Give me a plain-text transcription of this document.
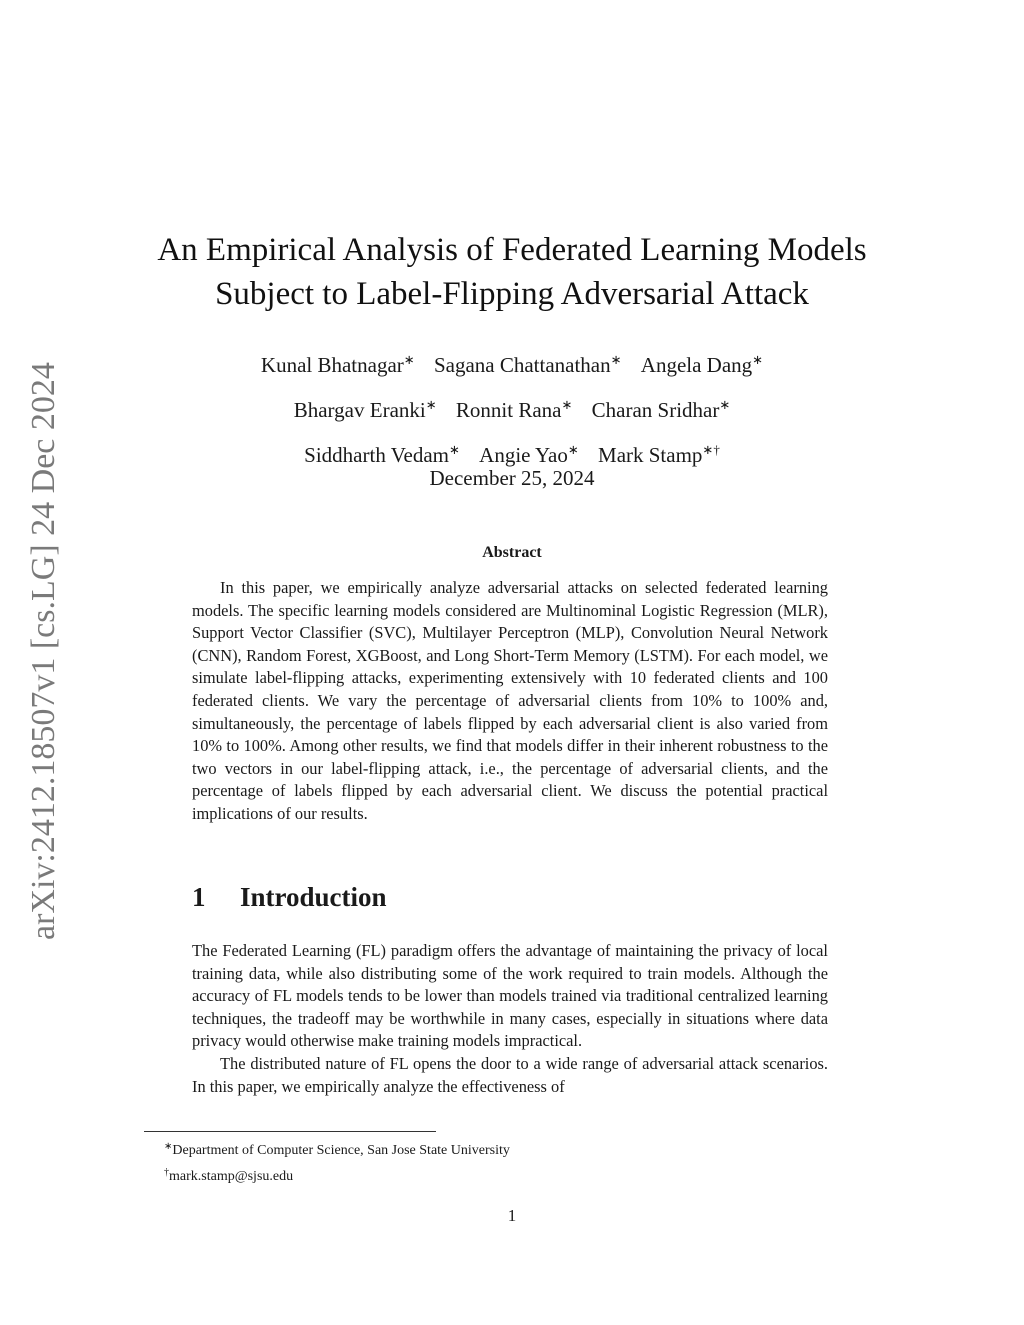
arXiv:2412.18507v1 [cs.LG] 24 Dec 2024
An Empirical Analysis of Federated Learning Models
Subject to Label-Flipping Adversarial Attack
Kunal Bhatnagar∗ Sagana Chattanathan∗ Angela Dang∗
Bhargav Eranki∗ Ronnit Rana∗ Charan Sridhar∗
Siddharth Vedam∗ Angie Yao∗ Mark Stamp∗†
December 25, 2024
Abstract

In this paper, we empirically analyze adversarial attacks on selected federated learning models. The specific learning models considered are Multinominal Logistic Regression (MLR), Support Vector Classifier (SVC), Multilayer Perceptron (MLP), Convolution Neural Network (CNN), Random Forest, XGBoost, and Long Short-Term Memory (LSTM). For each model, we simulate label-flipping attacks, experimenting extensively with 10 federated clients and 100 federated clients. We vary the percentage of adversarial clients from 10% to 100% and, simultaneously, the percentage of labels flipped by each adversarial client is also varied from 10% to 100%. Among other results, we find that models differ in their inherent robustness to the two vectors in our label-flipping attack, i.e., the percentage of adversarial clients, and the percentage of labels flipped by each adversarial client. We discuss the potential practical implications of our results.

1 Introduction

The Federated Learning (FL) paradigm offers the advantage of maintaining the privacy of local training data, while also distributing some of the work required to train models. Although the accuracy of FL models tends to be lower than models trained via traditional centralized learning techniques, the tradeoff may be worthwhile in many cases, especially in situations where data privacy would otherwise make training models impractical.

The distributed nature of FL opens the door to a wide range of adversarial attack scenarios. In this paper, we empirically analyze the effectiveness of

∗Department of Computer Science, San Jose State University
†mark.stamp@sjsu.edu
1
